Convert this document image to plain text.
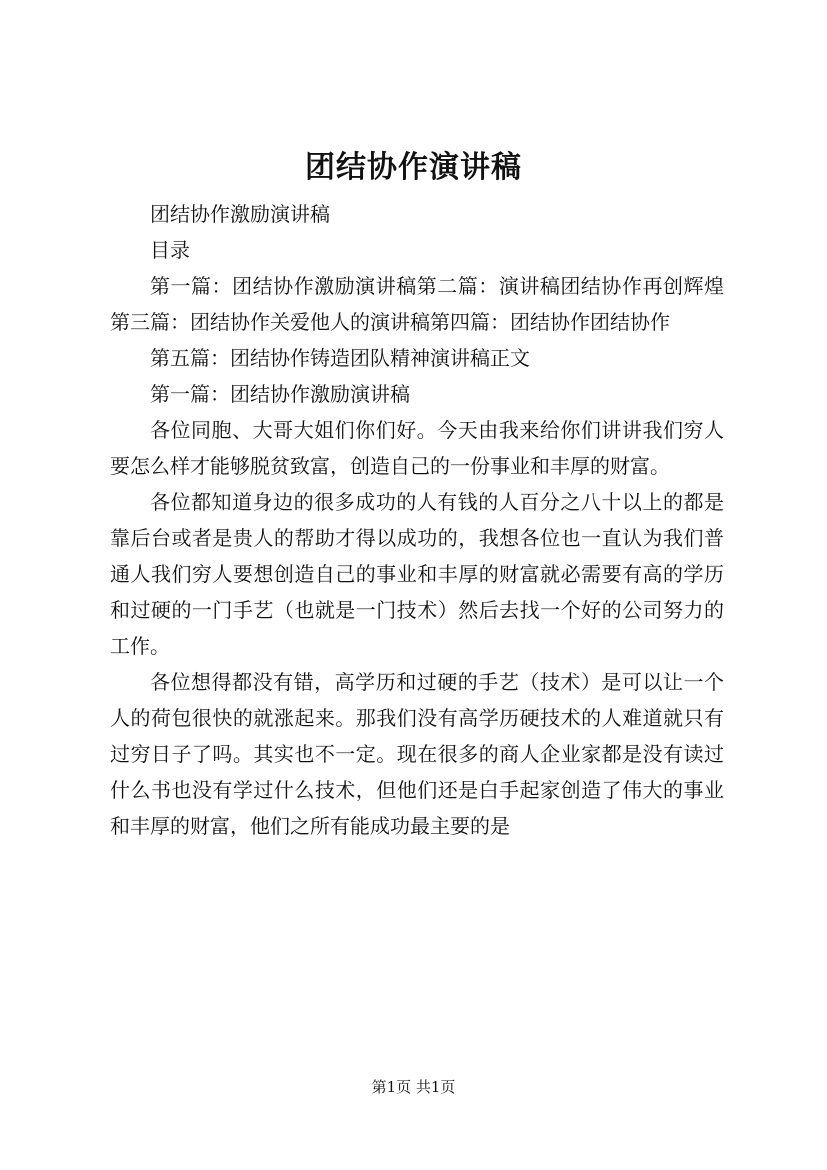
团结协作演讲稿

团结协作激励演讲稿

目录

第一篇：团结协作激励演讲稿第二篇：演讲稿团结协作再创辉煌第三篇：团结协作关爱他人的演讲稿第四篇：团结协作团结协作

第五篇：团结协作铸造团队精神演讲稿正文

第一篇：团结协作激励演讲稿

各位同胞、大哥大姐们你们好。今天由我来给你们讲讲我们穷人要怎么样才能够脱贫致富，创造自己的一份事业和丰厚的财富。

各位都知道身边的很多成功的人有钱的人百分之八十以上的都是靠后台或者是贵人的帮助才得以成功的，我想各位也一直认为我们普通人我们穷人要想创造自己的事业和丰厚的财富就必需要有高的学历和过硬的一门手艺（也就是一门技术）然后去找一个好的公司努力的工作。

各位想得都没有错，高学历和过硬的手艺（技术）是可以让一个人的荷包很快的就涨起来。那我们没有高学历硬技术的人难道就只有过穷日子了吗。其实也不一定。现在很多的商人企业家都是没有读过什么书也没有学过什么技术，但他们还是白手起家创造了伟大的事业和丰厚的财富，他们之所有能成功最主要的是

第1页 共1页
